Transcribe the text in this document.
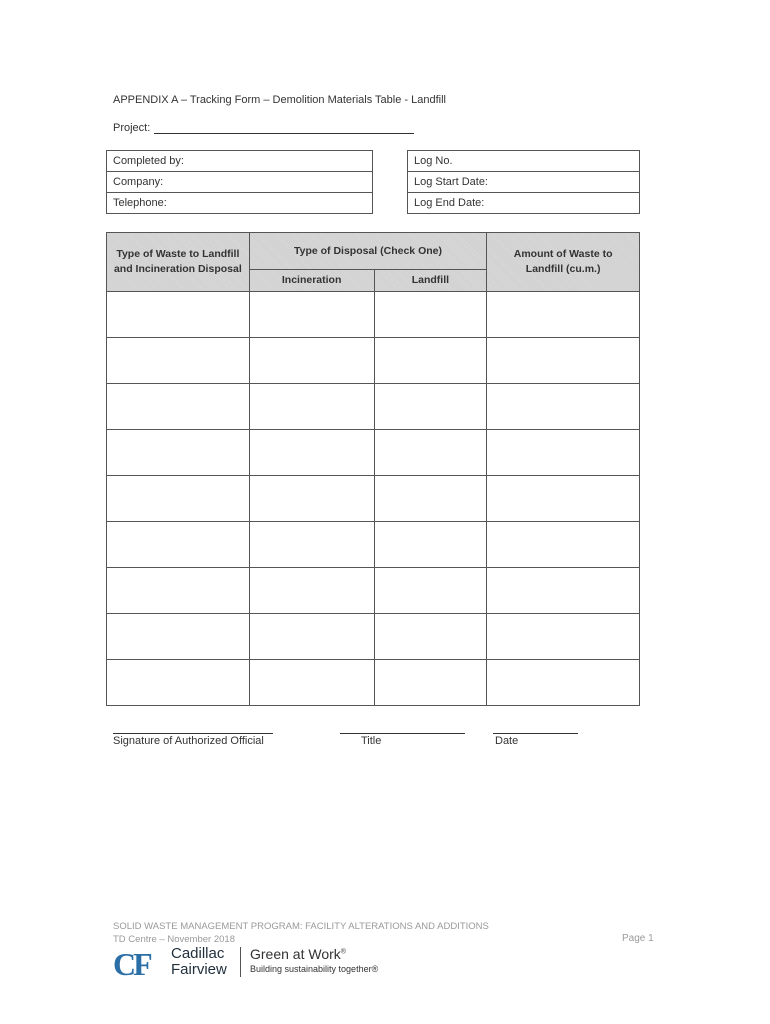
APPENDIX A – Tracking Form – Demolition Materials Table - Landfill
Project:
Completed by:
Company:
Telephone:
Log No.
Log Start Date:
Log End Date:
Type of Waste to Landfill and Incineration Disposal	Type of Disposal (Check One)		Amount of Waste to Landfill (cu.m.)
	Incineration	Landfill	

Signature of Authorized Official	Title	Date
SOLID WASTE MANAGEMENT PROGRAM: FACILITY ALTERATIONS AND ADDITIONS
TD Centre – November 2018	Page 1
CF Cadillac
Fairview
Green at Work®
Building sustainability together®
